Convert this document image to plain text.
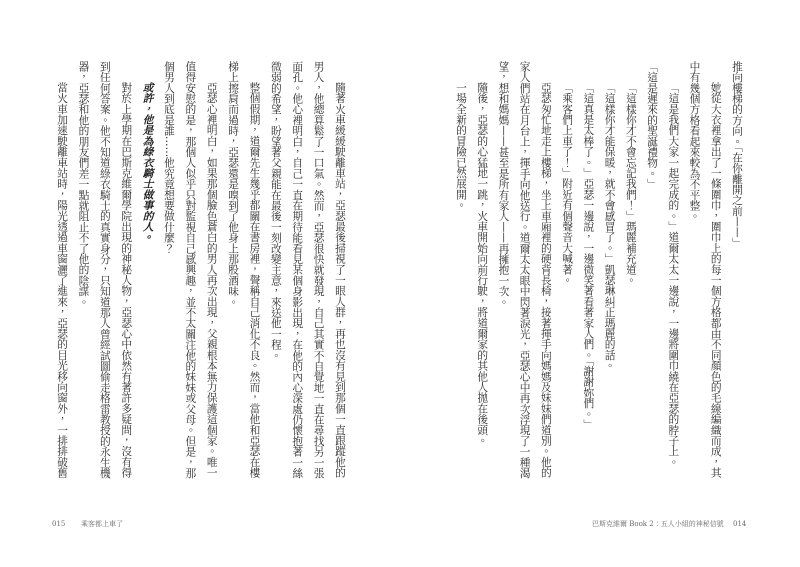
隨著火車緩緩駛離車站，亞瑟最後掃視了一眼人群，再也沒有見到那個一直跟蹤他的
男人，他總算鬆了一口氣。然而，亞瑟很快就發現，自己其實不自覺地一直在尋找另一張
面孔。他心裡明白，自己一直在期待能看見某個身影出現，在他的內心深處仍懷抱著一絲
微弱的希望，盼望著父親能在最後一刻改變主意，來送他一程。
整個假期，道爾先生幾乎都關在書房裡，聲稱自己消化不良。然而，當他和亞瑟在樓
梯上擦肩而過時，亞瑟還是嗅到了他身上那股酒味。
亞瑟心裡明白，如果那個臉色蒼白的男人再次出現，父親根本無力保護這個家。唯一
值得安慰的是，那個人似乎只對監視自己感興趣，並不太關注他的妹妹或父母。但是，那
個男人到底是誰……他究竟想要做什麼？
或許，他是為綠衣騎士做事的人。
對於上學期在巴斯克維爾學院出現的神秘人物，亞瑟心中依然有著許多疑問，沒有得
到任何答案。他不知道綠衣騎士的真實身分，只知道那人曾經試圖偷走格雷教授的永生機
器，亞瑟和他的朋友們差一點就阻止不了他的陰謀。
當火車加速駛離車站時，陽光透過車窗灑了進來，亞瑟的目光移向窗外，一排排破舊
015 乘客都上車了
推向樓梯的方向。「在你離開之前——」
她從大衣裡拿出了一條圍巾，圍巾上的每一個方格都由不同顏色的毛線編織而成，其
中有幾個方格看起來較為不平整。
「這是我們大家一起完成的。」道爾太太一邊說，一邊將圍巾繞在亞瑟的脖子上。
「這是遲來的聖誕禮物。」
「這樣你才不會忘記我們！」瑪麗補充道。
「這樣你才能保暖，就不會感冒了。」凱瑟琳糾正瑪麗的話。
「這真是太棒了。」亞瑟一邊說，一邊微笑著看著家人們。「謝謝妳們。」
「乘客們上車了！」附近有個聲音大喊著。
亞瑟匆忙地走上樓梯，坐上車廂裡的硬背長椅，接著揮手向媽媽及妹妹們道別。他的
家人們站在月台上，揮手向他送行。道爾太太眼中閃著淚光，亞瑟心中再次浮現了一種渴
望，想和媽媽——甚至是所有家人——再擁抱一次。
隨後，亞瑟的心猛地一跳，火車開始向前行駛，將道爾家的其他人拋在後頭。
一場全新的冒險已然展開。
巴斯克維爾 Book 2：五人小組的神秘信號 014
